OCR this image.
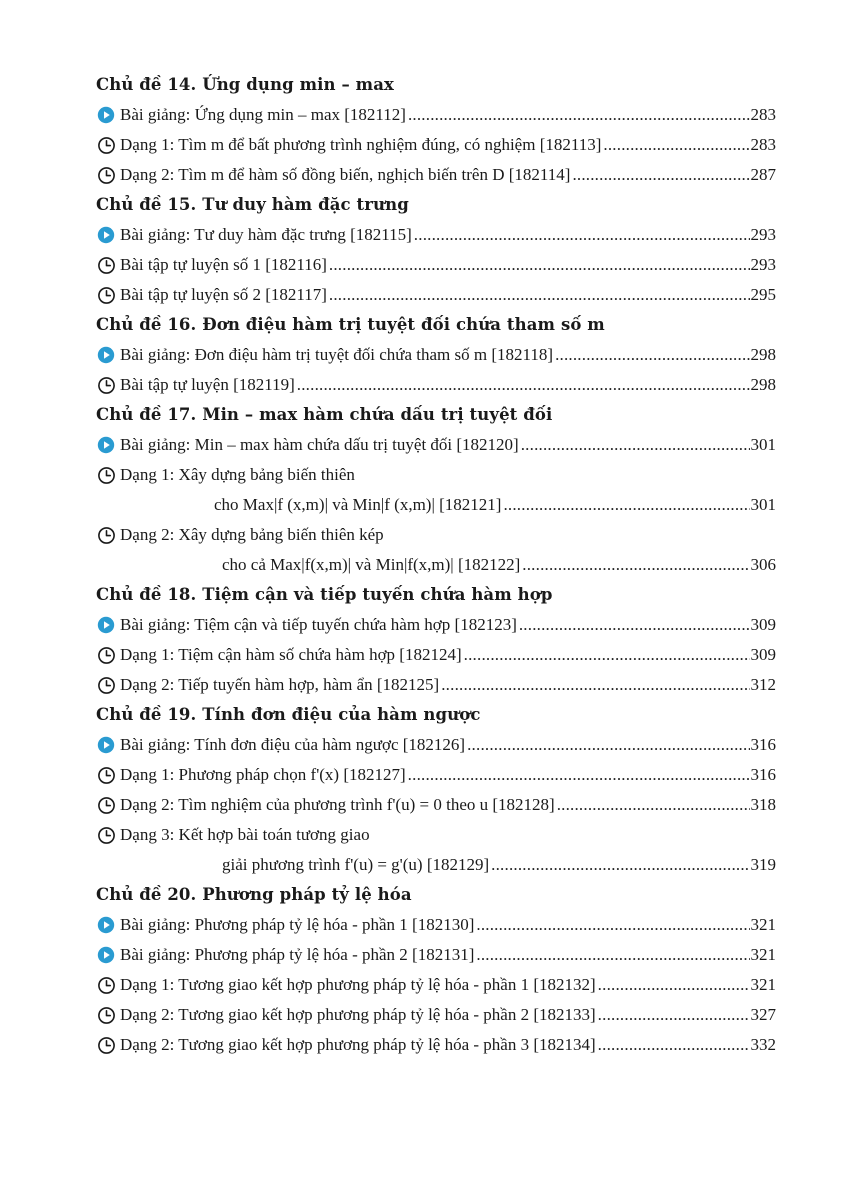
Chủ đề 14. Ứng dụng min – max
Bài giảng: Ứng dụng min – max [182112] .....	283
Dạng 1: Tìm m để bất phương trình nghiệm đúng, có nghiệm [182113] .....	283
Dạng 2: Tìm m để hàm số đồng biến, nghịch biến trên D [182114] .....	287
Chủ đề 15. Tư duy hàm đặc trưng
Bài giảng: Tư duy hàm đặc trưng [182115] .....	293
Bài tập tự luyện số 1 [182116] .....	293
Bài tập tự luyện số 2 [182117] .....	295
Chủ đề 16. Đơn điệu hàm trị tuyệt đối chứa tham số m
Bài giảng: Đơn điệu hàm trị tuyệt đối chứa tham số m [182118] .....	298
Bài tập tự luyện [182119] .....	298
Chủ đề 17. Min – max hàm chứa dấu trị tuyệt đối
Bài giảng: Min – max hàm chứa dấu trị tuyệt đối [182120] .....	301
Dạng 1: Xây dựng bảng biến thiên
cho Max|f (x,m)| và Min|f (x,m)| [182121] .....	301
Dạng 2: Xây dựng bảng biến thiên kép
cho cả Max|f(x,m)| và Min|f(x,m)| [182122] .....	306
Chủ đề 18. Tiệm cận và tiếp tuyến chứa hàm hợp
Bài giảng: Tiệm cận và tiếp tuyến chứa hàm hợp [182123] .....	309
Dạng 1: Tiệm cận hàm số chứa hàm hợp [182124] .....	309
Dạng 2: Tiếp tuyến hàm hợp, hàm ẩn [182125] .....	312
Chủ đề 19. Tính đơn điệu của hàm ngược
Bài giảng: Tính đơn điệu của hàm ngược [182126] .....	316
Dạng 1: Phương pháp chọn f'(x) [182127] .....	316
Dạng 2: Tìm nghiệm của phương trình f'(u) = 0 theo u [182128] .....	318
Dạng 3: Kết hợp bài toán tương giao
giải phương trình f'(u) = g'(u) [182129] .....	319
Chủ đề 20. Phương pháp tỷ lệ hóa
Bài giảng: Phương pháp tỷ lệ hóa - phần 1 [182130] .....	321
Bài giảng: Phương pháp tỷ lệ hóa - phần 2 [182131] .....	321
Dạng 1: Tương giao kết hợp phương pháp tỷ lệ hóa - phần 1 [182132] .....	321
Dạng 2: Tương giao kết hợp phương pháp tỷ lệ hóa - phần 2 [182133] .....	327
Dạng 2: Tương giao kết hợp phương pháp tỷ lệ hóa - phần 3 [182134] .....	332
